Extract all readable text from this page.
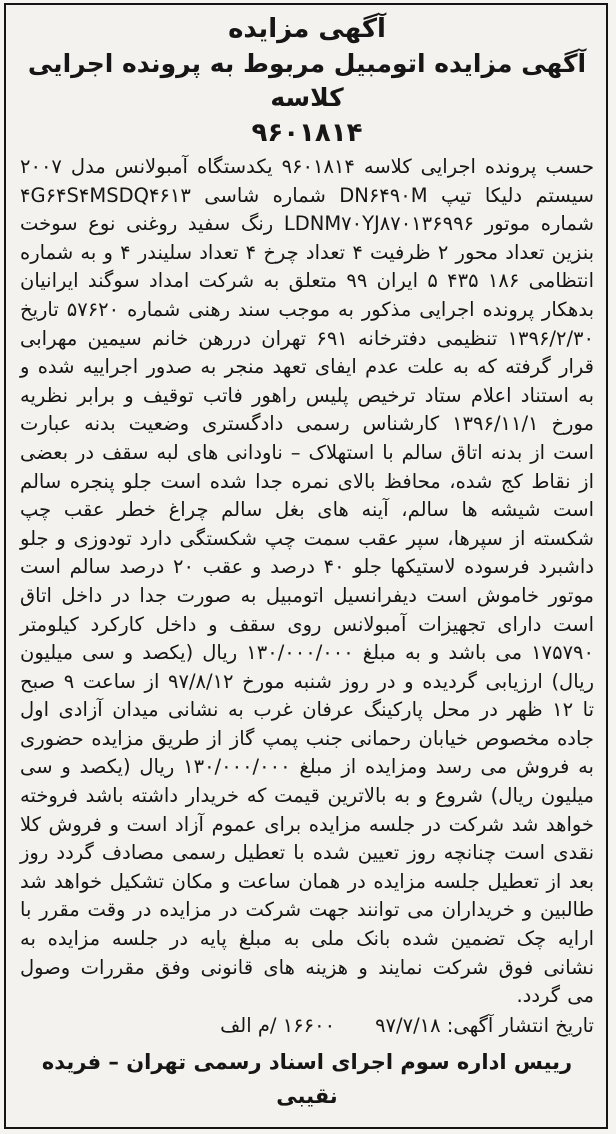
آگهی مزایده
آگهی مزایده اتومبیل مربوط به پرونده اجرایی کلاسه
۹۶۰۱۸۱۴
حسب پرونده اجرایی کلاسه ۹۶۰۱۸۱۴ یکدستگاه آمبولانس مدل ۲۰۰۷ سیستم دلیکا تیپ DN۶۴۹۰M شماره شاسی ۴G۶۴S۴MSDQ۴۶۱۳ شماره موتور LDNM۷۰YJ۸۷۰۱۳۶۹۹۶ رنگ سفید روغنی نوع سوخت بنزین تعداد محور ۲ ظرفیت ۴ تعداد چرخ ۴ تعداد سلیندر ۴ و به شماره انتظامی ۱۸۶ ۴۳۵ ۵ ایران ۹۹ متعلق به شرکت امداد سوگند ایرانیان بدهکار پرونده اجرایی مذکور به موجب سند رهنی شماره ۵۷۶۲۰ تاریخ ۱۳۹۶/۲/۳۰ تنظیمی دفترخانه ۶۹۱ تهران دررهن خانم سیمین مهرابی قرار گرفته که به علت عدم ایفای تعهد منجر به صدور اجراییه شده و به استناد اعلام ستاد ترخیص پلیس راهور فاتب توقیف و برابر نظریه مورخ ۱۳۹۶/۱۱/۱ کارشناس رسمی دادگستری وضعیت بدنه عبارت است از بدنه اتاق سالم با استهلاک – ناودانی های لبه سقف در بعضی از نقاط کج شده، محافظ بالای نمره جدا شده است جلو پنجره سالم است شیشه ها سالم، آینه های بغل سالم چراغ خطر عقب چپ شکسته از سپرها، سپر عقب سمت چپ شکستگی دارد تودوزی و جلو داشبرد فرسوده لاستیکها جلو ۴۰ درصد و عقب ۲۰ درصد سالم است موتور خاموش است دیفرانسیل اتومبیل به صورت جدا در داخل اتاق است دارای تجهیزات آمبولانس روی سقف و داخل کارکرد کیلومتر ۱۷۵۷۹۰ می باشد و به مبلغ ۱۳۰/۰۰۰/۰۰۰ ریال (یکصد و سی میلیون ریال) ارزیابی گردیده و در روز شنبه مورخ ۹۷/۸/۱۲ از ساعت ۹ صبح تا ۱۲ ظهر در محل پارکینگ عرفان غرب به نشانی میدان آزادی اول جاده مخصوص خیابان رحمانی جنب پمپ گاز از طریق مزایده حضوری به فروش می رسد ومزایده از مبلغ ۱۳۰/۰۰۰/۰۰۰ ریال (یکصد و سی میلیون ریال) شروع و به بالاترین قیمت که خریدار داشته باشد فروخته خواهد شد شرکت در جلسه مزایده برای عموم آزاد است و فروش کلا نقدی است چنانچه روز تعیین شده با تعطیل رسمی مصادف گردد روز بعد از تعطیل جلسه مزایده در همان ساعت و مکان تشکیل خواهد شد طالبین و خریداران می توانند جهت شرکت در مزایده در وقت مقرر با ارایه چک تضمین شده بانک ملی به مبلغ پایه در جلسه مزایده به نشانی فوق شرکت نمایند و هزینه های قانونی وفق مقررات وصول می گردد.
تاریخ انتشار آگهی: ۹۷/۷/۱۸
۱۶۶۰۰ /م الف
رییس اداره سوم اجرای اسناد رسمی تهران – فریده نقیبی
